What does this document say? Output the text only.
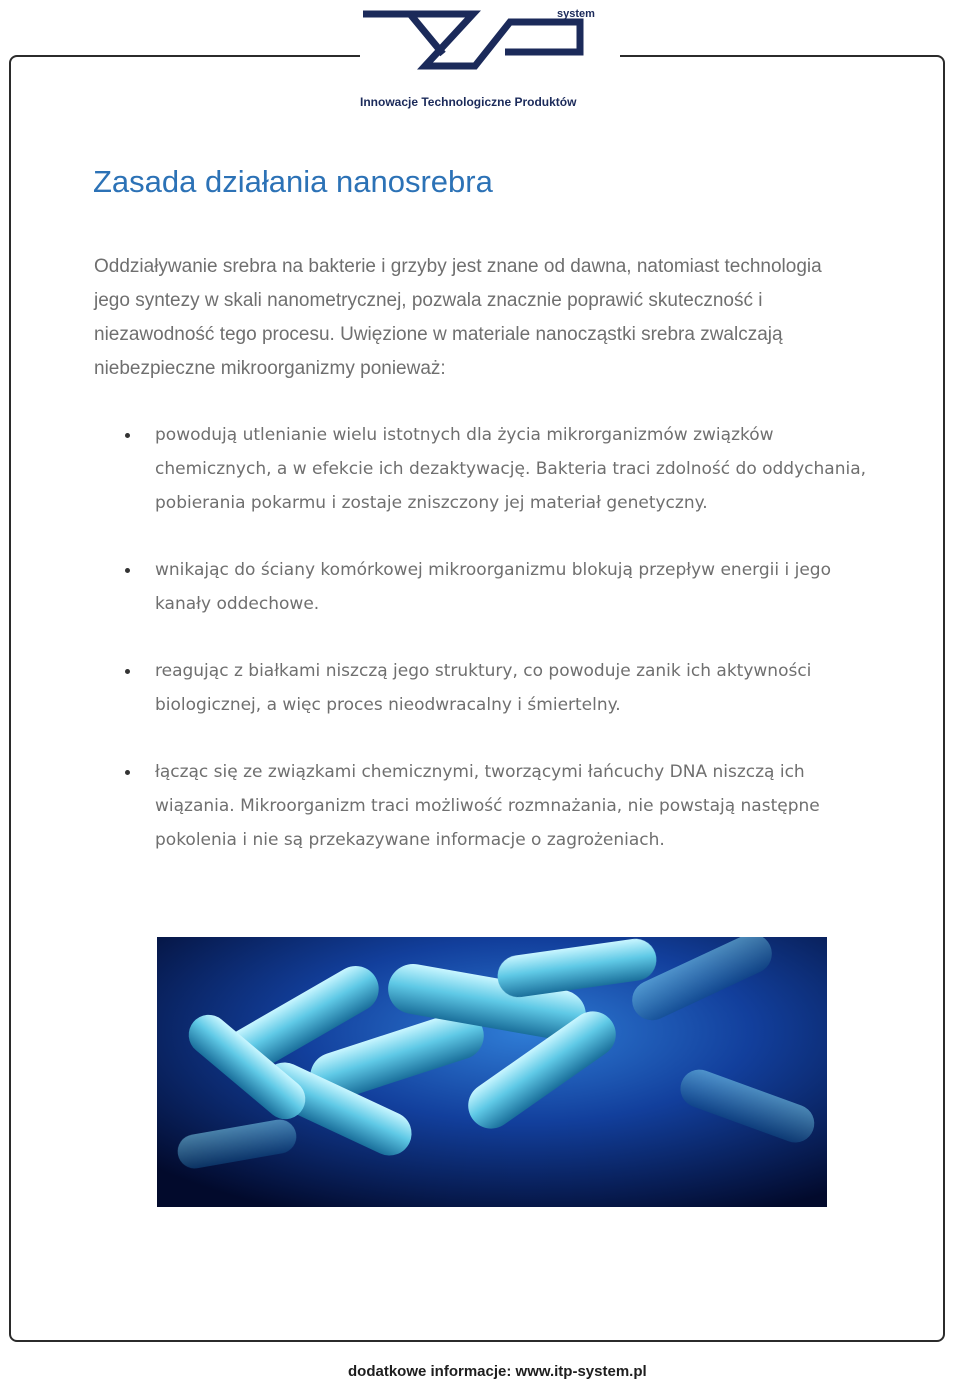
system
Innowacje Technologiczne Produktów
Zasada działania nanosrebra

Oddziaływanie srebra na bakterie i grzyby jest znane od dawna, natomiast technologia jego syntezy w skali nanometrycznej, pozwala znacznie poprawić skuteczność i niezawodność tego procesu. Uwięzione w materiale nanocząstki srebra zwalczają niebezpieczne mikroorganizmy ponieważ:

powodują utlenianie wielu istotnych dla życia mikrorganizmów związków chemicznych, a w efekcie ich dezaktywację. Bakteria traci zdolność do oddychania, pobierania pokarmu i zostaje zniszczony jej materiał genetyczny.
wnikając do ściany komórkowej mikroorganizmu blokują przepływ energii i jego kanały oddechowe.
reagując z białkami niszczą jego struktury, co powoduje zanik ich aktywności biologicznej, a więc proces nieodwracalny i śmiertelny.
łącząc się ze związkami chemicznymi, tworzącymi łańcuchy DNA niszczą ich wiązania. Mikroorganizm traci możliwość rozmnażania, nie powstają następne pokolenia i nie są przekazywane informacje o zagrożeniach.
dodatkowe informacje: www.itp-system.pl
